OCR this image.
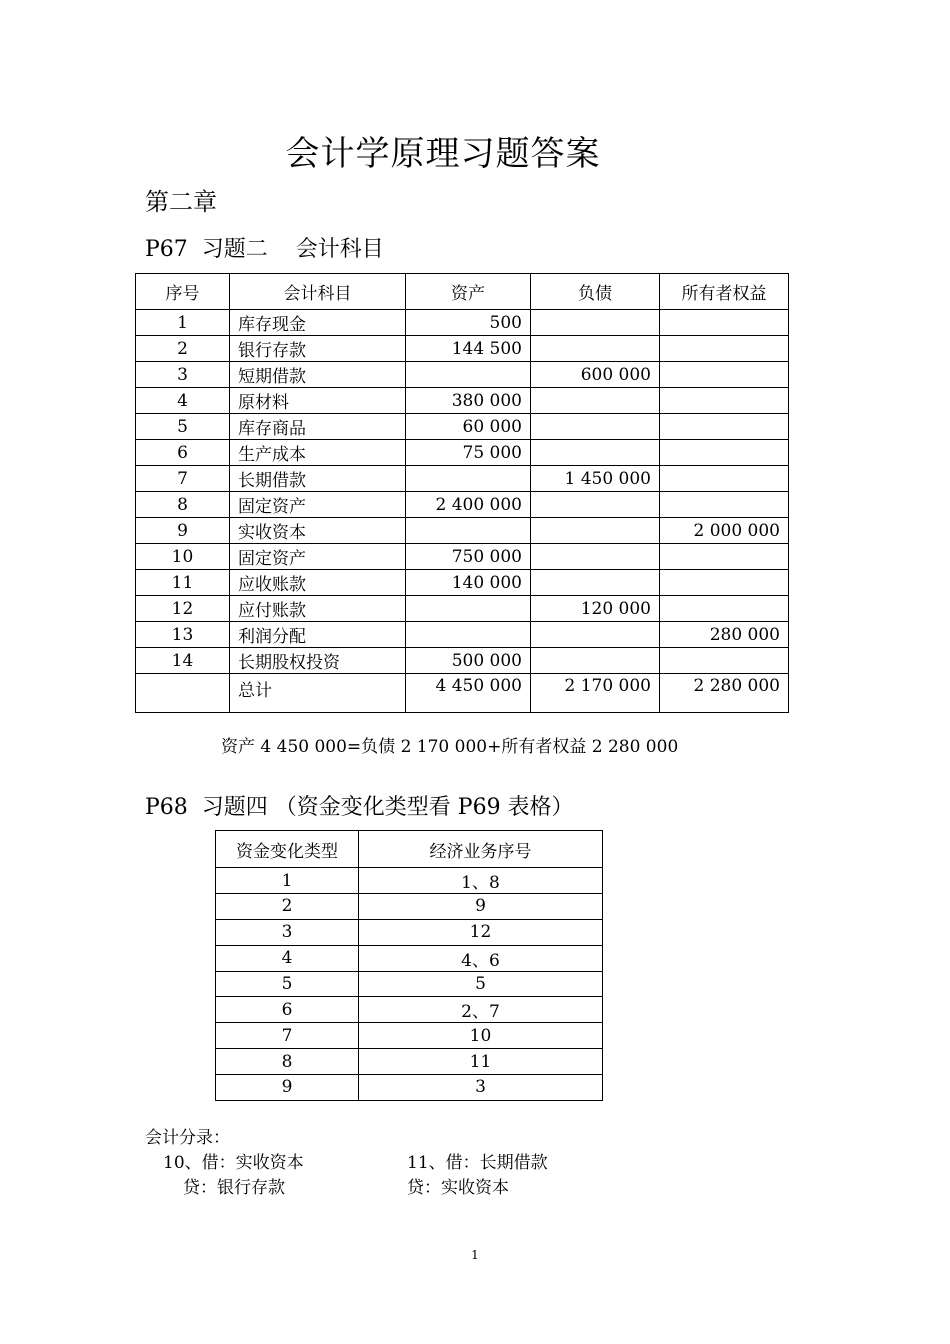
会计学原理习题答案
第二章
P67  习题二    会计科目
序号	会计科目	资产	负债	所有者权益
1	库存现金	500		
2	银行存款	144 500		
3	短期借款		600 000	
4	原材料	380 000		
5	库存商品	60 000		
6	生产成本	75 000		
7	长期借款		1 450 000	
8	固定资产	2 400 000		
9	实收资本			2 000 000
10	固定资产	750 000		
11	应收账款	140 000		
12	应付账款		120 000	
13	利润分配			280 000
14	长期股权投资	500 000		
	总计	4 450 000	2 170 000	2 280 000
资产 4 450 000=负债 2 170 000+所有者权益 2 280 000
P68  习题四 （资金变化类型看 P69 表格）
资金变化类型	经济业务序号
1	1、8
2	9
3	12
4	4、6
5	5
6	2、7
7	10
8	11
9	3
会计分录：
10、借：实收资本
贷：银行存款
11、借：长期借款
贷：实收资本
1
